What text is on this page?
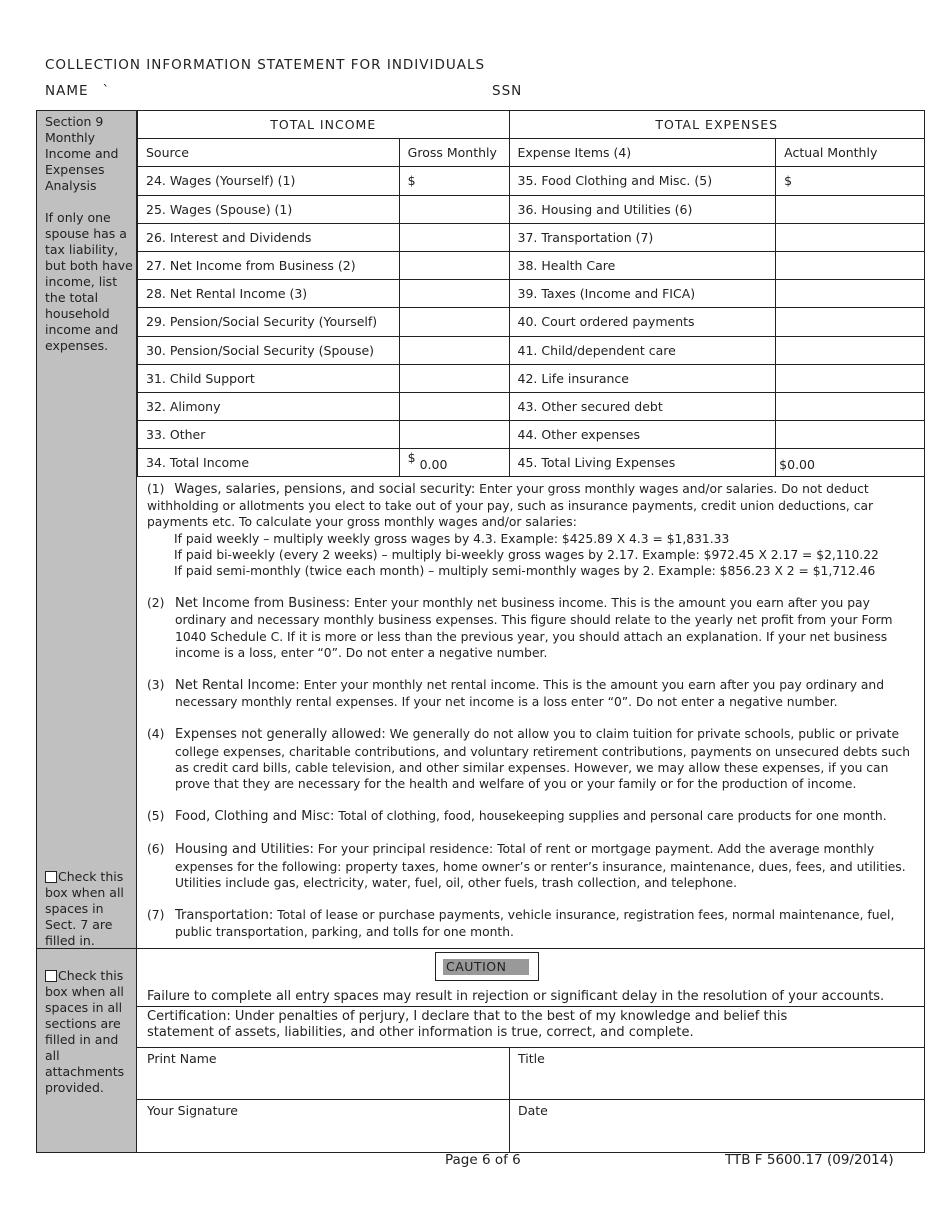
COLLECTION INFORMATION STATEMENT FOR INDIVIDUALS
NAME `	SSN
Section 9 Monthly Income and Expenses Analysis
If only one spouse has a tax liability, but both have income, list the total household income and expenses.
Check this box when all spaces in Sect. 7 are filled in.
Check this box when all spaces in all sections are filled in and all attachments provided.
TOTAL INCOME		TOTAL EXPENSES	
Source	Gross Monthly	Expense Items (4)	Actual Monthly
24. Wages (Yourself) (1)	$	35. Food Clothing and Misc. (5)	$
25. Wages (Spouse) (1)		36. Housing and Utilities (6)	
26. Interest and Dividends		37. Transportation (7)	
27. Net Income from Business (2)		38. Health Care	
28. Net Rental Income (3)		39. Taxes (Income and FICA)	
29. Pension/Social Security (Yourself)		40. Court ordered payments	
30. Pension/Social Security (Spouse)		41. Child/dependent care	
31. Child Support		42. Life insurance	
32. Alimony		43. Other secured debt	
33. Other		44. Other expenses	
34. Total Income	$ 0.00	45. Total Living Expenses	$0.00
(1) Wages, salaries, pensions, and social security: Enter your gross monthly wages and/or salaries. Do not deduct withholding or allotments you elect to take out of your pay, such as insurance payments, credit union deductions, car payments etc. To calculate your gross monthly wages and/or salaries:
If paid weekly – multiply weekly gross wages by 4.3. Example: $425.89 X 4.3 = $1,831.33
If paid bi-weekly (every 2 weeks) – multiply bi-weekly gross wages by 2.17. Example: $972.45 X 2.17 = $2,110.22
If paid semi-monthly (twice each month) – multiply semi-monthly wages by 2. Example: $856.23 X 2 = $1,712.46
(2) Net Income from Business: Enter your monthly net business income. This is the amount you earn after you pay ordinary and necessary monthly business expenses. This figure should relate to the yearly net profit from your Form 1040 Schedule C. If it is more or less than the previous year, you should attach an explanation. If your net business income is a loss, enter “0”. Do not enter a negative number.
(3) Net Rental Income: Enter your monthly net rental income. This is the amount you earn after you pay ordinary and necessary monthly rental expenses. If your net income is a loss enter “0”. Do not enter a negative number.
(4) Expenses not generally allowed: We generally do not allow you to claim tuition for private schools, public or private college expenses, charitable contributions, and voluntary retirement contributions, payments on unsecured debts such as credit card bills, cable television, and other similar expenses. However, we may allow these expenses, if you can prove that they are necessary for the health and welfare of you or your family or for the production of income.
(5) Food, Clothing and Misc: Total of clothing, food, housekeeping supplies and personal care products for one month.
(6) Housing and Utilities: For your principal residence: Total of rent or mortgage payment. Add the average monthly expenses for the following: property taxes, home owner’s or renter’s insurance, maintenance, dues, fees, and utilities. Utilities include gas, electricity, water, fuel, oil, other fuels, trash collection, and telephone.
(7) Transportation: Total of lease or purchase payments, vehicle insurance, registration fees, normal maintenance, fuel, public transportation, parking, and tolls for one month.
CAUTION
Failure to complete all entry spaces may result in rejection or significant delay in the resolution of your accounts.
Certification: Under penalties of perjury, I declare that to the best of my knowledge and belief this statement of assets, liabilities, and other information is true, correct, and complete.
Print Name	Title
Your Signature	Date
Page 6 of 6	TTB F 5600.17 (09/2014)
